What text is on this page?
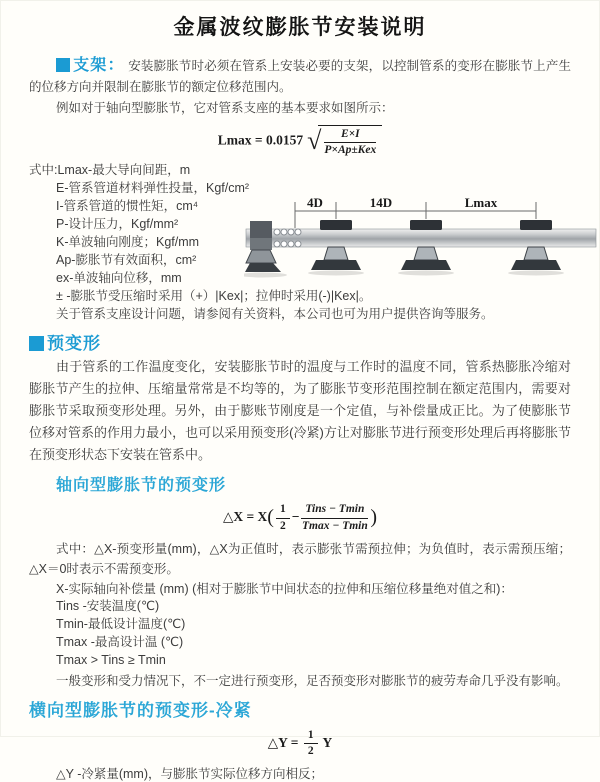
金属波纹膨胀节安装说明

支架： 安装膨胀节时必须在管系上安装必要的支架，以控制管系的变形在膨胀节上产生的位移方向并限制在膨胀节的额定位移范围内。

例如对于轴向型膨胀节，它对管系支座的基本要求如图所示：

Lmax = 0.0157 √ $\frac{E\times I}{\text{P×Ap±Kex}}$
式中:Lmax-最大导向间距，m
E-管系管道材料弹性投量，Kgf/cm²
I-管系管道的惯性矩，cm⁴
P-设计压力，Kgf/mm²
K-单波轴向刚度；Kgf/mm
Ap-膨胀节有效面积，cm²
ex-单波轴向位移，mm
± -膨胀节受压缩时采用（+）|Kex|；拉伸时采用(-)|Kex|。
关于管系支座设计问题，请参阅有关资料，本公司也可为用户提供咨询等服务。
4D	14D	Lmax
预变形

由于管系的工作温度变化，安装膨胀节时的温度与工作时的温度不同，管系热膨胀冷缩对膨胀节产生的拉伸、压缩量常常是不均等的，为了膨胀节变形范围控制在额定范围内，需要对膨胀节采取预变形处理。另外，由于膨账节刚度是一个定值，与补偿量成正比。为了使膨胀节位移对管系的作用力最小，也可以采用预变形(冷紧)方让对膨胀节进行预变形处理后再将膨胀节在预变形状态下安装在管系中。

轴向型膨胀节的预变形
△X = $X( \frac{1}{2} - \frac{\text{Tins − Tmin}}{Tmax - Tmin}$ )

式中：△X-预变形量(mm)，△X为正值时，表示膨张节需预拉伸；为负值时，表示需预压缩；△X＝0时表示不需预变形。

X-实际轴向补偿量 (mm) (相对于膨胀节中间状态的拉伸和压缩位移量绝对值之和)：
Tins -安装温度(℃)
Tmin-最低设计温度(℃)
Tmax -最高设计温 (℃)
Tmax > Tins ≥ Tmin

一般变形和受力情况下，不一定进行预变形，足否预变形对膨胀节的疲劳寿命几乎没有影响。

横向型膨胀节的预变形-冷紧
△Y = $\frac{1}{2}$ Y
△Y -冷紧量(mm)，与膨胀节实际位移方向相反；
